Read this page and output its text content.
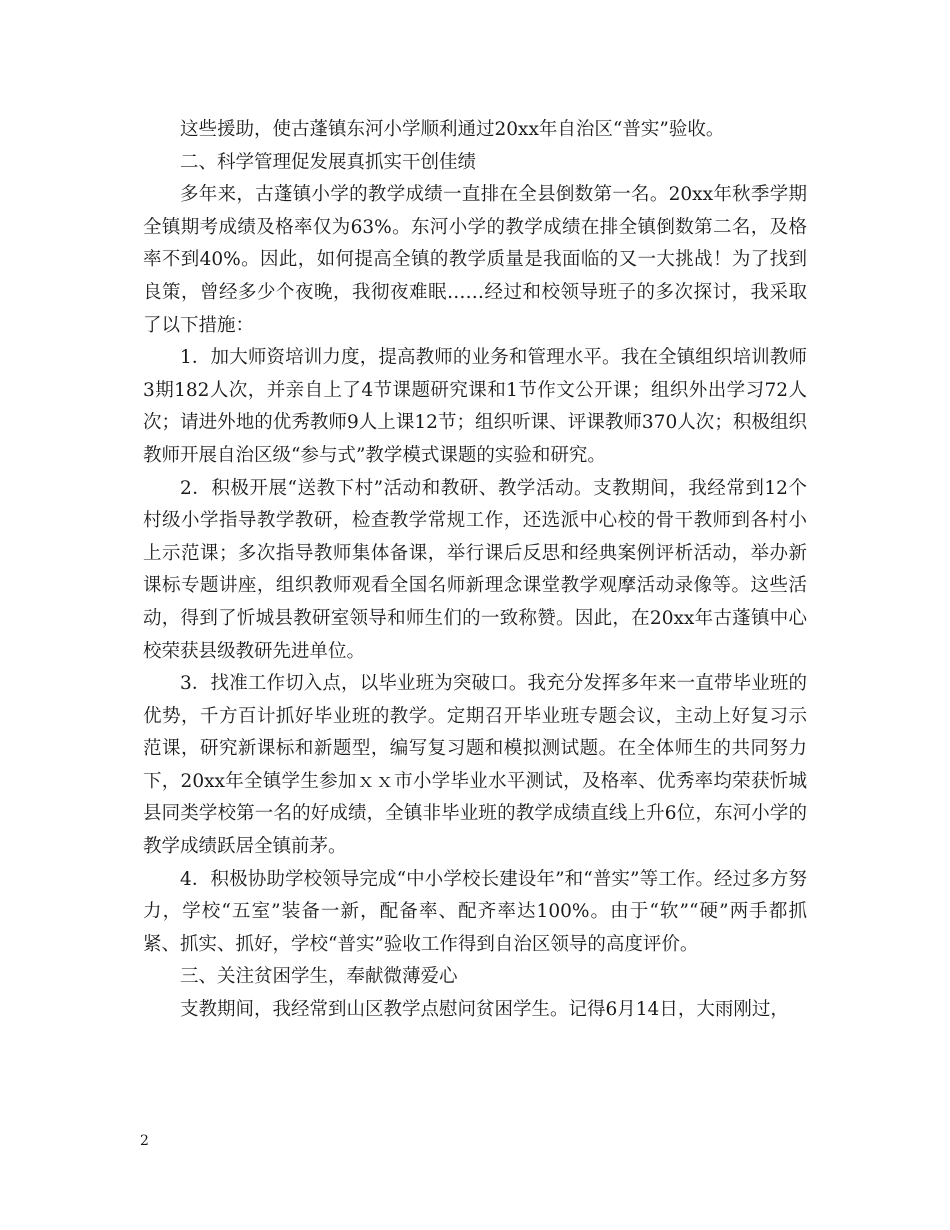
这些援助，使古蓬镇东河小学顺利通过20xx年自治区“普实”验收。

二、科学管理促发展真抓实干创佳绩

多年来，古蓬镇小学的教学成绩一直排在全县倒数第一名。20xx年秋季学期全镇期考成绩及格率仅为63%。东河小学的教学成绩在排全镇倒数第二名，及格率不到40%。因此，如何提高全镇的教学质量是我面临的又一大挑战！为了找到良策，曾经多少个夜晚，我彻夜难眠……经过和校领导班子的多次探讨，我采取了以下措施：

1．加大师资培训力度，提高教师的业务和管理水平。我在全镇组织培训教师3期182人次，并亲自上了4节课题研究课和1节作文公开课；组织外出学习72人次；请进外地的优秀教师9人上课12节；组织听课、评课教师370人次；积极组织教师开展自治区级“参与式”教学模式课题的实验和研究。

2．积极开展“送教下村”活动和教研、教学活动。支教期间，我经常到12个村级小学指导教学教研，检查教学常规工作，还选派中心校的骨干教师到各村小上示范课；多次指导教师集体备课，举行课后反思和经典案例评析活动，举办新课标专题讲座，组织教师观看全国名师新理念课堂教学观摩活动录像等。这些活动，得到了忻城县教研室领导和师生们的一致称赞。因此，在20xx年古蓬镇中心校荣获县级教研先进单位。

3．找准工作切入点，以毕业班为突破口。我充分发挥多年来一直带毕业班的优势，千方百计抓好毕业班的教学。定期召开毕业班专题会议，主动上好复习示范课，研究新课标和新题型，编写复习题和模拟测试题。在全体师生的共同努力下，20xx年全镇学生参加ｘｘ市小学毕业水平测试，及格率、优秀率均荣获忻城县同类学校第一名的好成绩，全镇非毕业班的教学成绩直线上升6位，东河小学的教学成绩跃居全镇前茅。

4．积极协助学校领导完成“中小学校长建设年”和“普实”等工作。经过多方努力，学校“五室”装备一新，配备率、配齐率达100%。由于“软”“硬”两手都抓紧、抓实、抓好，学校“普实”验收工作得到自治区领导的高度评价。

三、关注贫困学生，奉献微薄爱心

支教期间，我经常到山区教学点慰问贫困学生。记得6月14日，大雨刚过，

2
